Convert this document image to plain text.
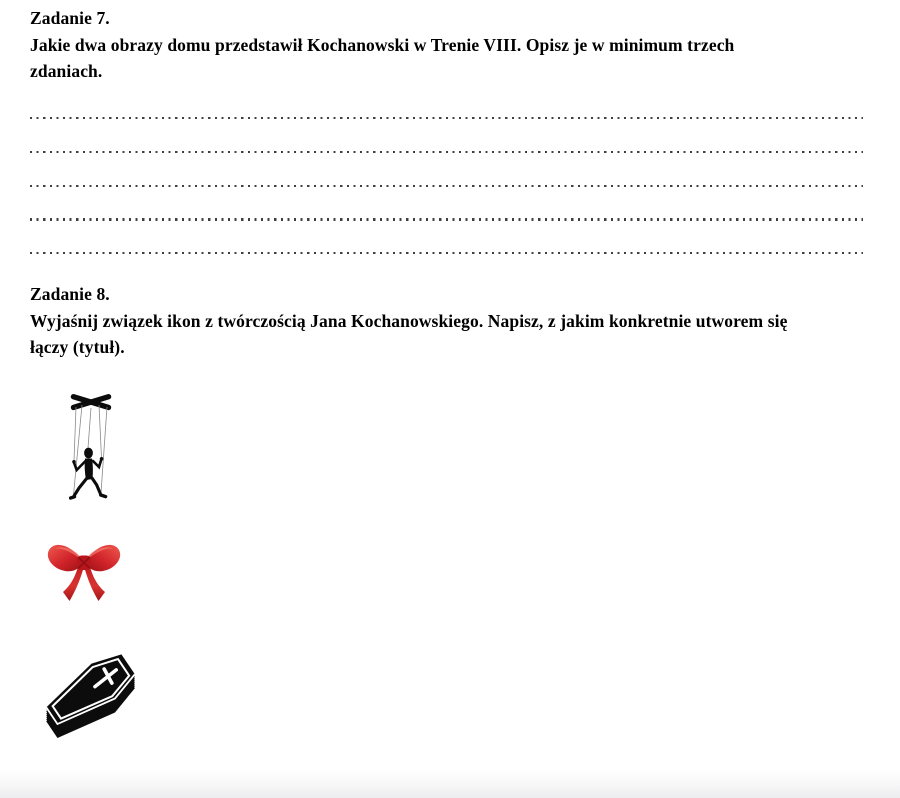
Zadanie 7.
Jakie dwa obrazy domu przedstawił Kochanowski w Trenie VIII. Opisz je w minimum trzech
zdaniach.
Zadanie 8.
Wyjaśnij związek ikon z twórczością Jana Kochanowskiego. Napisz, z jakim konkretnie utworem się
łączy (tytuł).
